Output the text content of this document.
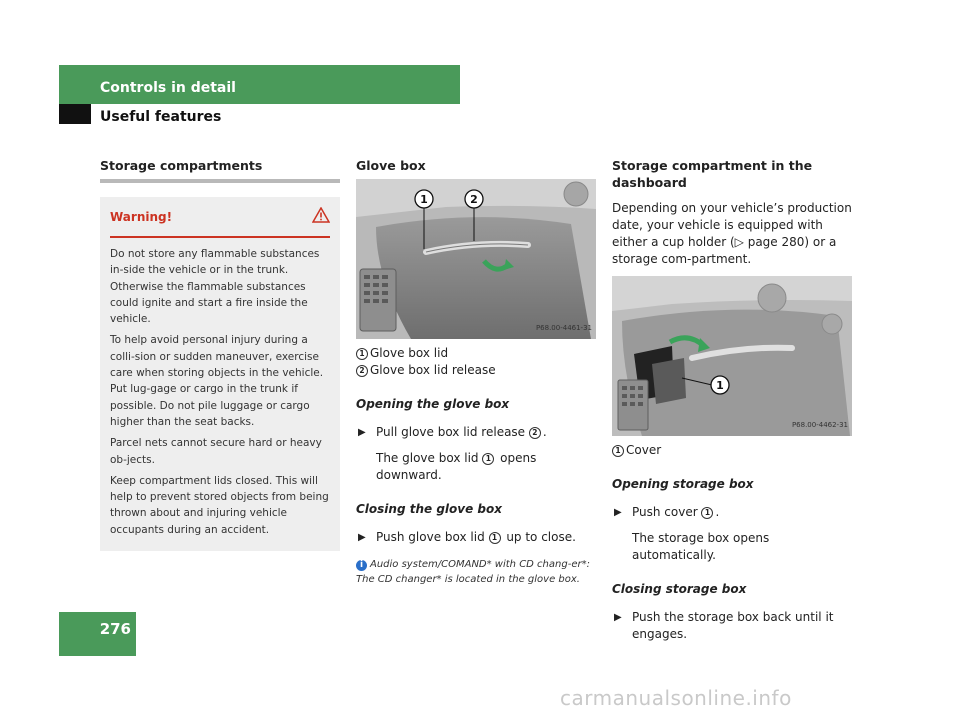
Controls in detail
Useful features
Storage compartments
Warning!

Do not store any flammable substances in-side the vehicle or in the trunk. Otherwise the flammable substances could ignite and start a fire inside the vehicle.

To help avoid personal injury during a colli-sion or sudden maneuver, exercise care when storing objects in the vehicle. Put lug-gage or cargo in the trunk if possible. Do not pile luggage or cargo higher than the seat backs.

Parcel nets cannot secure hard or heavy ob-jects.

Keep compartment lids closed. This will help to prevent stored objects from being thrown about and injuring vehicle occupants during an accident.

Glove box
1	2
P68.00-4461-31
1 Glove box lid
2 Glove box lid release
Opening the glove box
▶ Pull glove box lid release 2 .
The glove box lid 1 opens downward.
Closing the glove box
▶ Push glove box lid 1 up to close.
i Audio system/COMAND* with CD chang-er*: The CD changer* is located in the glove box.
Storage compartment in the dashboard
Depending on your vehicle’s production date, your vehicle is equipped with either a cup holder (▷ page 280) or a storage com-partment.
1
P68.00-4462-31
1 Cover
Opening storage box
▶ Push cover 1 .
The storage box opens automatically.
Closing storage box
▶ Push the storage box back until it engages.
276
carmanualsonline.info
